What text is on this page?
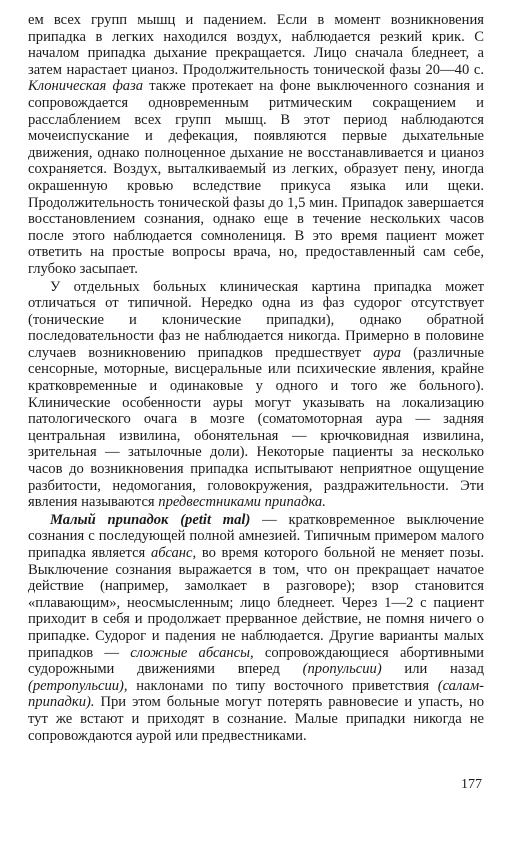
ем всех групп мышц и падением. Если в момент возникновения припадка в легких находился воздух, наблюдается резкий крик. С началом припадка дыхание прекращается. Лицо сначала бледнеет, а затем нарастает цианоз. Продолжительность тонической фазы 20—40 с. Клоническая фаза также протекает на фоне выключенного сознания и сопровождается одновременным ритмическим сокращением и расслаблением всех групп мышц. В этот период наблюдаются мочеиспускание и дефекация, появляются первые дыхательные движения, однако полноценное дыхание не восстанавливается и цианоз сохраняется. Воздух, выталкиваемый из легких, образует пену, иногда окрашенную кровью вследствие прикуса языка или щеки. Продолжительность тонической фазы до 1,5 мин. Припадок завершается восстановлением сознания, однако еще в течение нескольких часов после этого наблюдается сомнолениця. В это время пациент может ответить на простые вопросы врача, но, предоставленный сам себе, глубоко засыпает.

У отдельных больных клиническая картина припадка может отличаться от типичной. Нередко одна из фаз судорог отсутствует (тонические и клонические припадки), однако обратной последовательности фаз не наблюдается никогда. Примерно в половине случаев возникновению припадков предшествует аура (различные сенсорные, моторные, висцеральные или психические явления, крайне кратковременные и одинаковые у одного и того же больного). Клинические особенности ауры могут указывать на локализацию патологического очага в мозге (соматомоторная аура — задняя центральная извилина, обонятельная — крючковидная извилина, зрительная — затылочные доли). Некоторые пациенты за несколько часов до возникновения припадка испытывают неприятное ощущение разбитости, недомогания, головокружения, раздражительности. Эти явления называются предвестниками припадка.

Малый припадок (petit mal) — кратковременное выключение сознания с последующей полной амнезией. Типичным примером малого припадка является абсанс, во время которого больной не меняет позы. Выключение сознания выражается в том, что он прекращает начатое действие (например, замолкает в разговоре); взор становится «плавающим», неосмысленным; лицо бледнеет. Через 1—2 с пациент приходит в себя и продолжает прерванное действие, не помня ничего о припадке. Судорог и падения не наблюдается. Другие варианты малых припадков — сложные абсансы, сопровождающиеся абортивными судорожными движениями вперед (пропульсии) или назад (ретропульсии), наклонами по типу восточного приветствия (салам-припадки). При этом больные могут потерять равновесие и упасть, но тут же встают и приходят в сознание. Малые припадки никогда не сопровождаются аурой или предвестниками.

177
